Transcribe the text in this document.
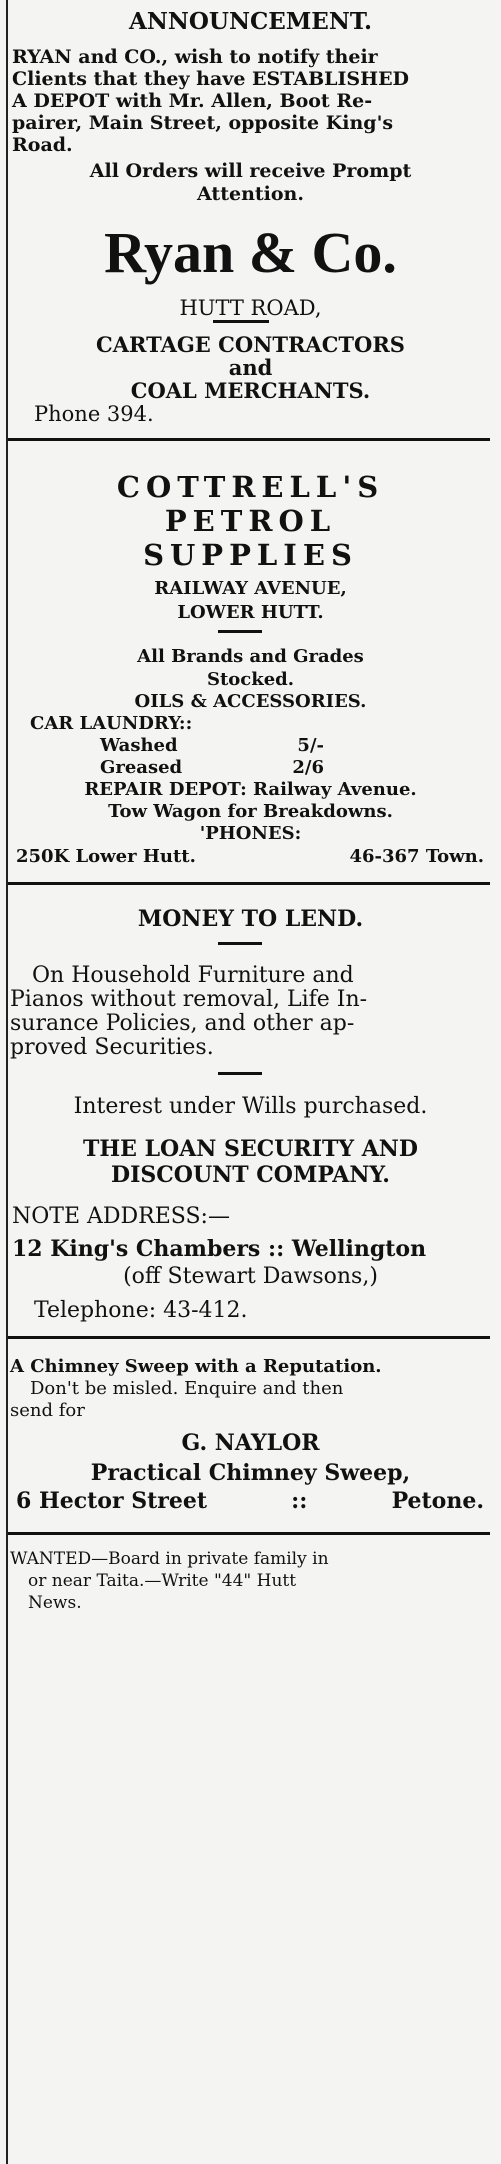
ANNOUNCEMENT.
RYAN and CO., wish to notify their
Clients that they have ESTABLISHED
A DEPOT with Mr. Allen, Boot Re-
pairer, Main Street, opposite King's
Road.
All Orders will receive Prompt
Attention.
Ryan & Co.
HUTT ROAD,
CARTAGE CONTRACTORS
and
COAL MERCHANTS.
Phone 394.
COTTRELL'S
PETROL
SUPPLIES
RAILWAY AVENUE,
LOWER HUTT.
All Brands and Grades
Stocked.
OILS & ACCESSORIES.
CAR LAUNDRY::
Washed	5/-
Greased	2/6
REPAIR DEPOT: Railway Avenue.
Tow Wagon for Breakdowns.
'PHONES:
250K Lower Hutt.	46-367 Town.
MONEY TO LEND.
On Household Furniture and
Pianos without removal, Life In-
surance Policies, and other ap-
proved Securities.
Interest under Wills purchased.
THE LOAN SECURITY AND
DISCOUNT COMPANY.
NOTE ADDRESS:—
12 King's Chambers :: Wellington
(off Stewart Dawsons,)
Telephone: 43-412.
A Chimney Sweep with a Reputation.
Don't be misled. Enquire and then
send for
G. NAYLOR
Practical Chimney Sweep,
6 Hector Street	::	Petone.
WANTED—Board in private family in
or near Taita.—Write "44" Hutt
News.
